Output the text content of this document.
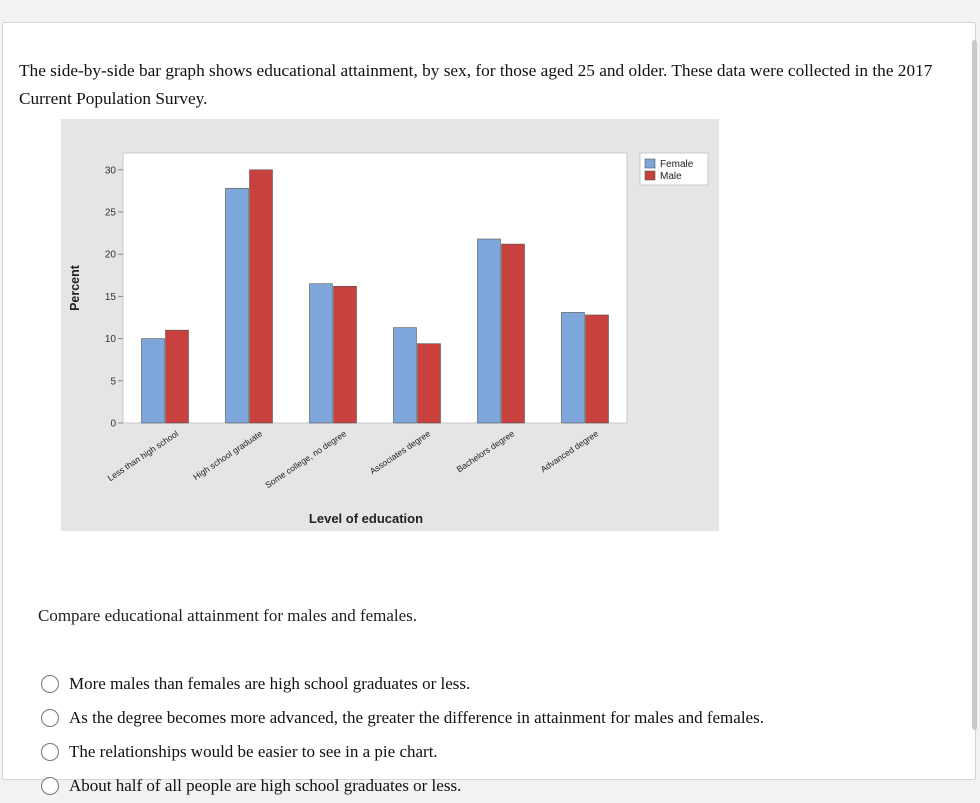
The side-by-side bar graph shows educational attainment, by sex, for those aged 25 and older. These data were collected in the 2017 Current Population Survey.

0
5
10
15
20
25
30
Less than high school High school graduate Some college, no degree Associates degree	Bachelors degree	Advanced degree
Percent
Level of education
Female
Male

Compare educational attainment for males and females.

More males than females are high school graduates or less.
As the degree becomes more advanced, the greater the difference in attainment for males and females.
The relationships would be easier to see in a pie chart.
About half of all people are high school graduates or less.
